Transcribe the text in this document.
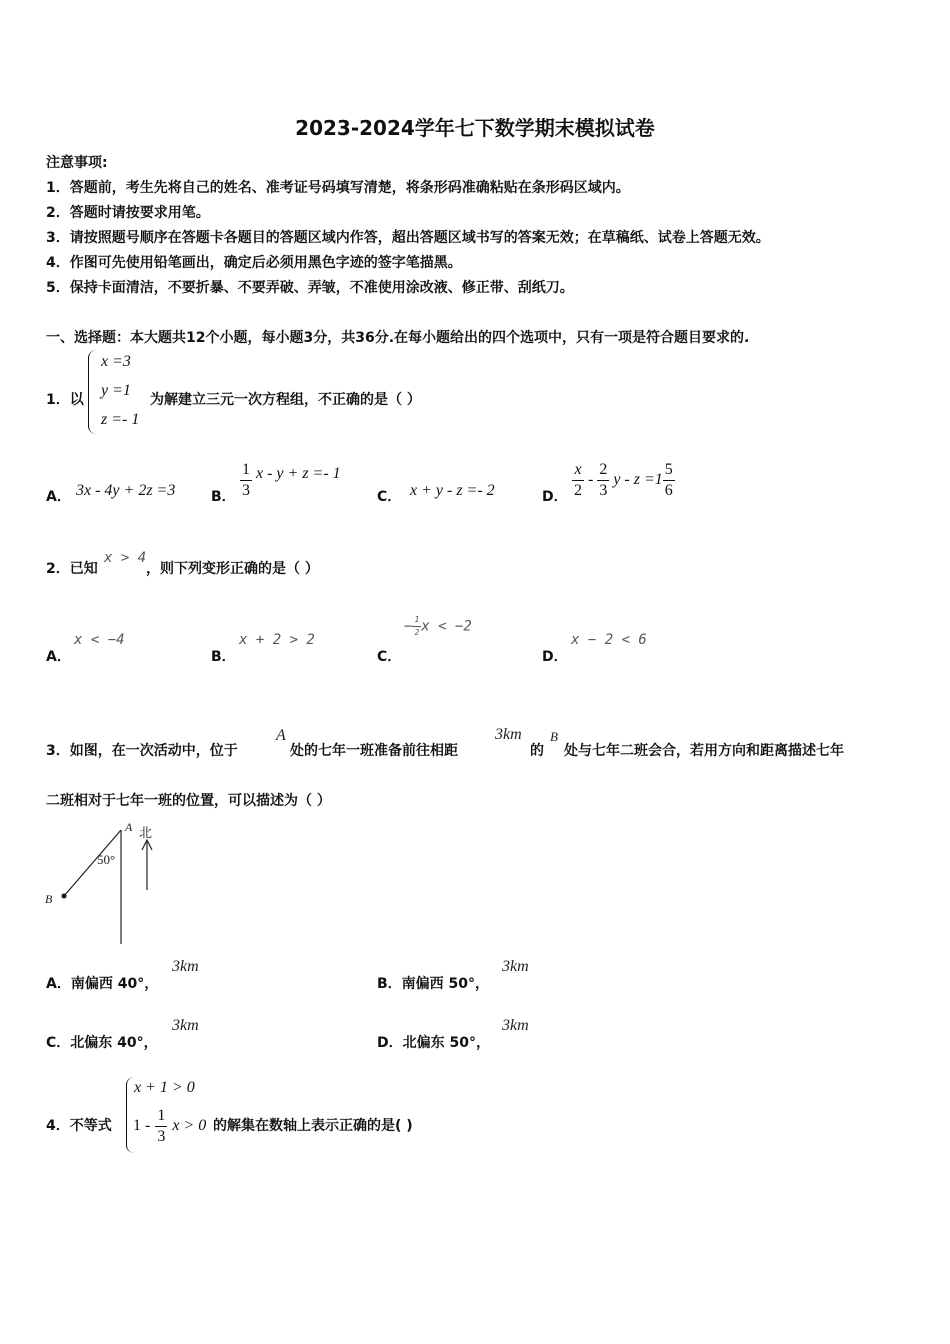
2023-2024学年七下数学期末模拟试卷
注意事项:
1．答题前，考生先将自己的姓名、准考证号码填写清楚，将条形码准确粘贴在条形码区域内。
2．答题时请按要求用笔。
3．请按照题号顺序在答题卡各题目的答题区域内作答，超出答题区域书写的答案无效；在草稿纸、试卷上答题无效。
4．作图可先使用铅笔画出，确定后必须用黑色字迹的签字笔描黑。
5．保持卡面清洁，不要折暴、不要弄破、弄皱，不准使用涂改液、修正带、刮纸刀。
一、选择题：本大题共12个小题，每小题3分，共36分.在每小题给出的四个选项中，只有一项是符合题目要求的.
1．以
x =3
y =1
z =- 1
为解建立三元一次方程组，不正确的是（ ）
A． 3x - 4y + 2z =3	B． $\frac{1}{3}$ x - y + z =- 1
C． x + y - z =- 2	D． $\frac{x}{2} - \frac{2}{3}$ $y - z =1 \frac{5}{6}$
2．已知
x > 4
，则下列变形正确的是（ ）
A．
x < −4
B．
x + 2 > 2
C．
− $\frac{1}{2}$ x < −2
D．
x − 2 < 6
3．如图，在一次活动中，位于
A
处的七年一班准备前往相距
3km
的
B
处与七年二班会合，若用方向和距离描述七年
二班相对于七年一班的位置，可以描述为（ ）
A 北
50°
B
A．南偏西 40°，
3km
B．南偏西 50°，
3km
C．北偏东 40°，
3km
D．北偏东 50°，
3km
4．不等式
x + 1 > 0
$1 - \frac{1}{3}$ x > 0 的解集在数轴上表示正确的是( )
